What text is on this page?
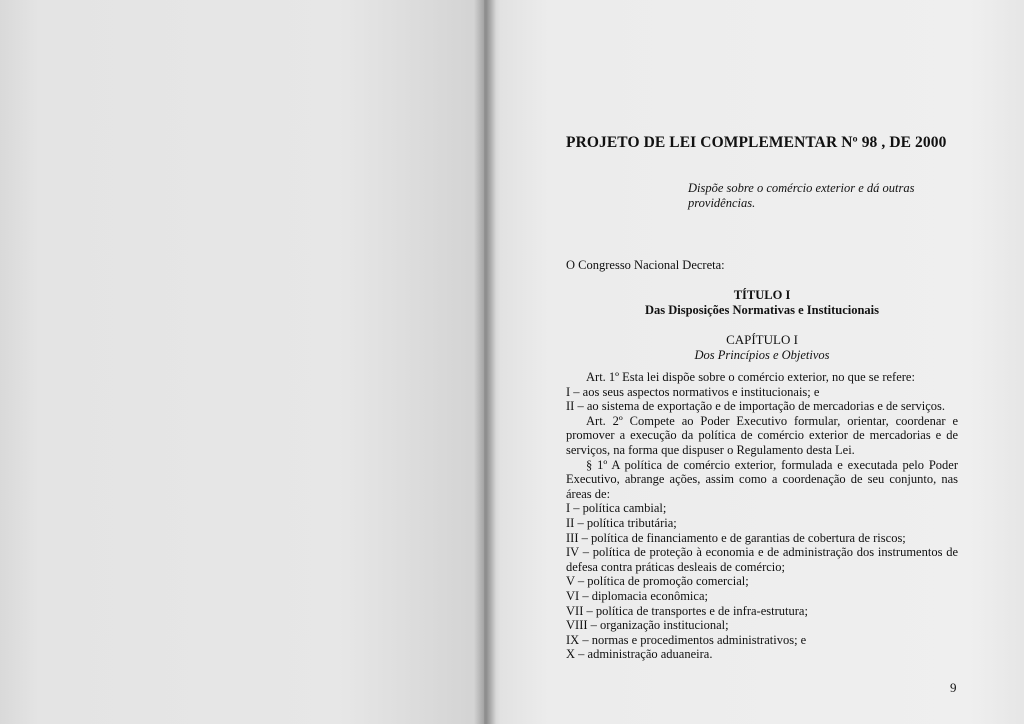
PROJETO DE LEI COMPLEMENTAR Nº 98 , DE 2000
Dispõe sobre o comércio exterior e dá outras providências.
O Congresso Nacional Decreta:
TÍTULO I
Das Disposições Normativas e Institucionais
CAPÍTULO I
Dos Princípios e Objetivos

Art. 1º Esta lei dispõe sobre o comércio exterior, no que se refere:

I – aos seus aspectos normativos e institucionais; e

II – ao sistema de exportação e de importação de mercadorias e de serviços.

Art. 2º Compete ao Poder Executivo formular, orientar, coordenar e promover a execução da política de comércio exterior de mercadorias e de serviços, na forma que dispuser o Regulamento desta Lei.

§ 1º A política de comércio exterior, formulada e executada pelo Poder Executivo, abrange ações, assim como a coordenação de seu conjunto, nas áreas de:

I – política cambial;

II – política tributária;

III – política de financiamento e de garantias de cobertura de riscos;

IV – política de proteção à economia e de administração dos instrumentos de defesa contra práticas desleais de comércio;

V – política de promoção comercial;

VI – diplomacia econômica;

VII – política de transportes e de infra-estrutura;

VIII – organização institucional;

IX – normas e procedimentos administrativos; e

X – administração aduaneira.

9
